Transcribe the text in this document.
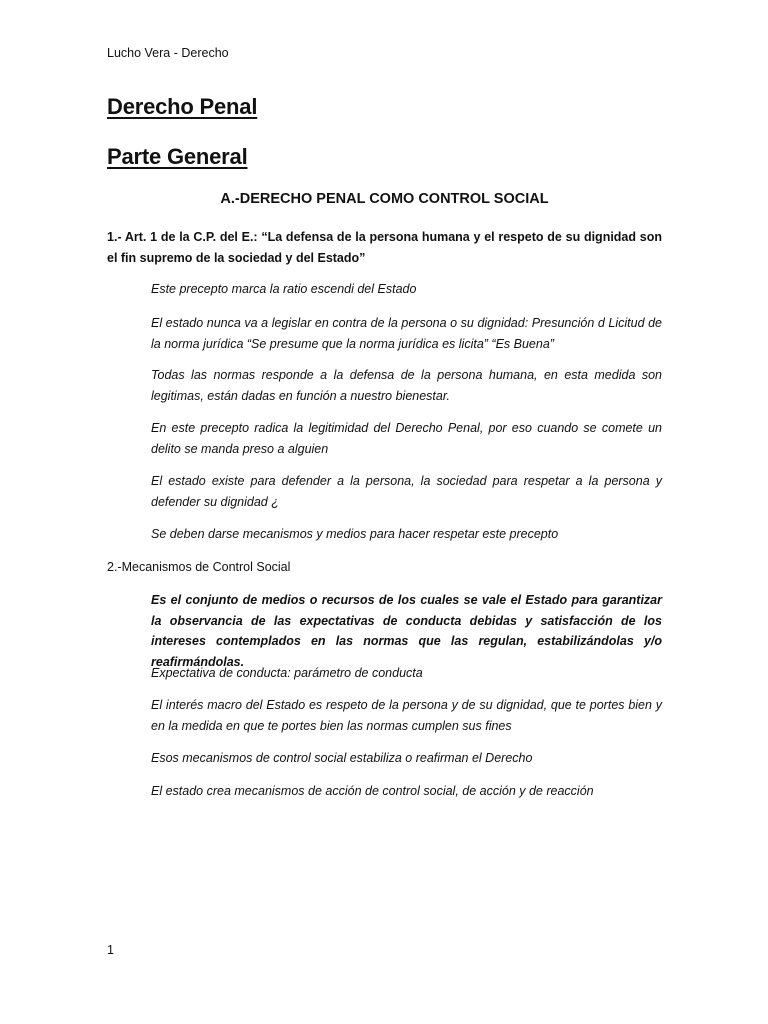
Lucho Vera - Derecho
Derecho Penal
Parte General
A.-DERECHO PENAL COMO CONTROL SOCIAL
1.- Art. 1 de la C.P. del E.: “La defensa de la persona humana y el respeto de su dignidad son el fin supremo de la sociedad y del Estado”
Este precepto marca la ratio escendi del Estado
El estado nunca va a legislar en contra de la persona o su dignidad: Presunción d Licitud de la norma jurídica “Se presume que la norma jurídica es licita” “Es Buena”
Todas las normas responde a la defensa de la persona humana, en esta medida son legitimas, están dadas en función a nuestro bienestar.
En este precepto radica la legitimidad del Derecho Penal, por eso cuando se comete un delito se manda preso a alguien
El estado existe para defender a la persona, la sociedad para respetar a la persona y defender su dignidad ¿
Se deben darse mecanismos y medios para hacer respetar este precepto
2.-Mecanismos de Control Social
Es el conjunto de medios o recursos de los cuales se vale el Estado para garantizar la observancia de las expectativas de conducta debidas y satisfacción de los intereses contemplados en las normas que las regulan, estabilizándolas y/o reafirmándolas.
Expectativa de conducta: parámetro de conducta
El interés macro del Estado es respeto de la persona y de su dignidad, que te portes bien y en la medida en que te portes bien las normas cumplen sus fines
Esos mecanismos de control social estabiliza o reafirman el Derecho
El estado crea mecanismos de acción de control social, de acción y de reacción
1
